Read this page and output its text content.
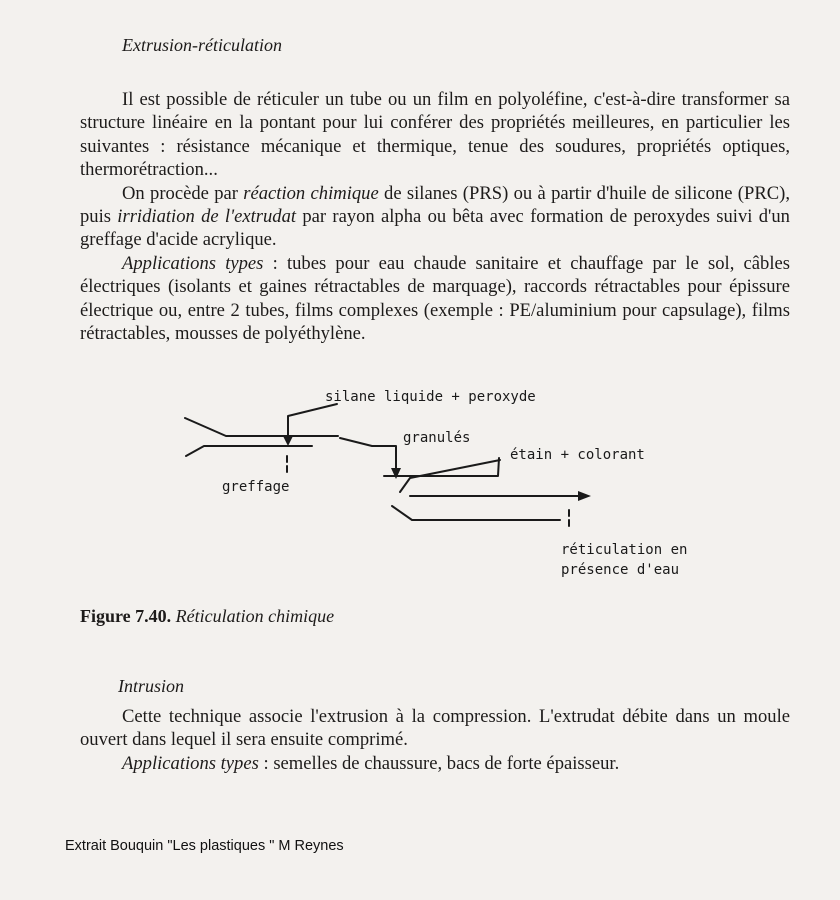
Extrusion-réticulation

Il est possible de réticuler un tube ou un film en polyoléfine, c'est-à-dire transformer sa structure linéaire en la pontant pour lui conférer des propriétés meilleures, en particulier les suivantes : résistance mécanique et thermique, tenue des soudures, propriétés optiques, thermorétraction...

On procède par réaction chimique de silanes (PRS) ou à partir d'huile de silicone (PRC), puis irridiation de l'extrudat par rayon alpha ou bêta avec formation de peroxydes suivi d'un greffage d'acide acrylique.

Applications types : tubes pour eau chaude sanitaire et chauffage par le sol, câbles électriques (isolants et gaines rétractables de marquage), raccords rétractables pour épissure électrique ou, entre 2 tubes, films complexes (exemple : PE/aluminium pour capsulage), films rétractables, mousses de polyéthylène.

silane liquide + peroxyde
granulés
étain + colorant
greffage
réticulation en
présence d'eau
Figure 7.40. Réticulation chimique
Intrusion

Cette technique associe l'extrusion à la compression. L'extrudat débite dans un moule ouvert dans lequel il sera ensuite comprimé.

Applications types : semelles de chaussure, bacs de forte épaisseur.

Extrait Bouquin "Les plastiques " M Reynes
